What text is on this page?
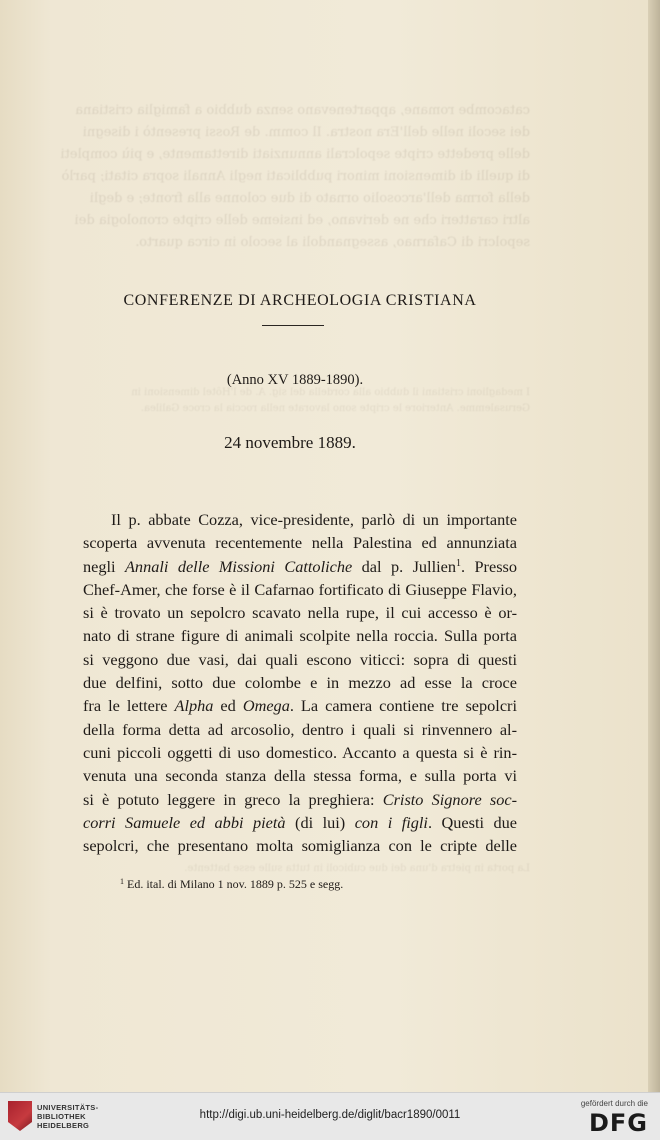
catacombe romane, appartenevano senza dubbio a famiglia cristiana dei secoli nelle dell'Era nostra. Il comm. de Rossi presentò i disegni delle predette cripte sepolcrali annunziati direttamente, e più completi di quelli di dimensioni minori pubblicati negli Annali sopra citati; parlò della forma dell'arcosolio ornato di due colonne alla fronte; e degli altri caratteri che ne derivano, ed insieme delle cripte cronologia dei sepolcri di Cafarnao, assegnandoli al secolo in circa quarto.
I medaglioni cristiani il dubbio alla cordella del sig. A. de l'Hôtel dimensioni in Gerusalemme. Anteriore le cripte sono lavorate nella roccia la croce Galilea.
La porta in pietra d'una dei due cubicoli in tutta sulle esse battente.
CONFERENZE DI ARCHEOLOGIA CRISTIANA
(Anno XV 1889-1890).
24 novembre 1889.
Il p. abbate Cozza, vice-presidente, parlò di un importante
scoperta avvenuta recentemente nella Palestina ed annunziata
negli Annali delle Missioni Cattoliche dal p. Jullien$^1$. Presso
Chef-Amer, che forse è il Cafarnao fortificato di Giuseppe Flavio,
si è trovato un sepolcro scavato nella rupe, il cui accesso è or-
nato di strane figure di animali scolpite nella roccia. Sulla porta
si veggono due vasi, dai quali escono viticci: sopra di questi
due delfini, sotto due colombe e in mezzo ad esse la croce
fra le lettere Alpha ed Omega. La camera contiene tre sepolcri
della forma detta ad arcosolio, dentro i quali si rinvennero al-
cuni piccoli oggetti di uso domestico. Accanto a questa si è rin-
venuta una seconda stanza della stessa forma, e sulla porta vi
si è potuto leggere in greco la preghiera: Cristo Signore soc-
corri Samuele ed abbi pietà (di lui) con i figli. Questi due
sepolcri, che presentano molta somiglianza con le cripte delle
$^1$ Ed. ital. di Milano 1 nov. 1889 p. 525 e segg.
UNIVERSITÄTS-
BIBLIOTHEK
HEIDELBERG
http://digi.ub.uni-heidelberg.de/diglit/bacr1890/0011
gefördert durch die
DFG
